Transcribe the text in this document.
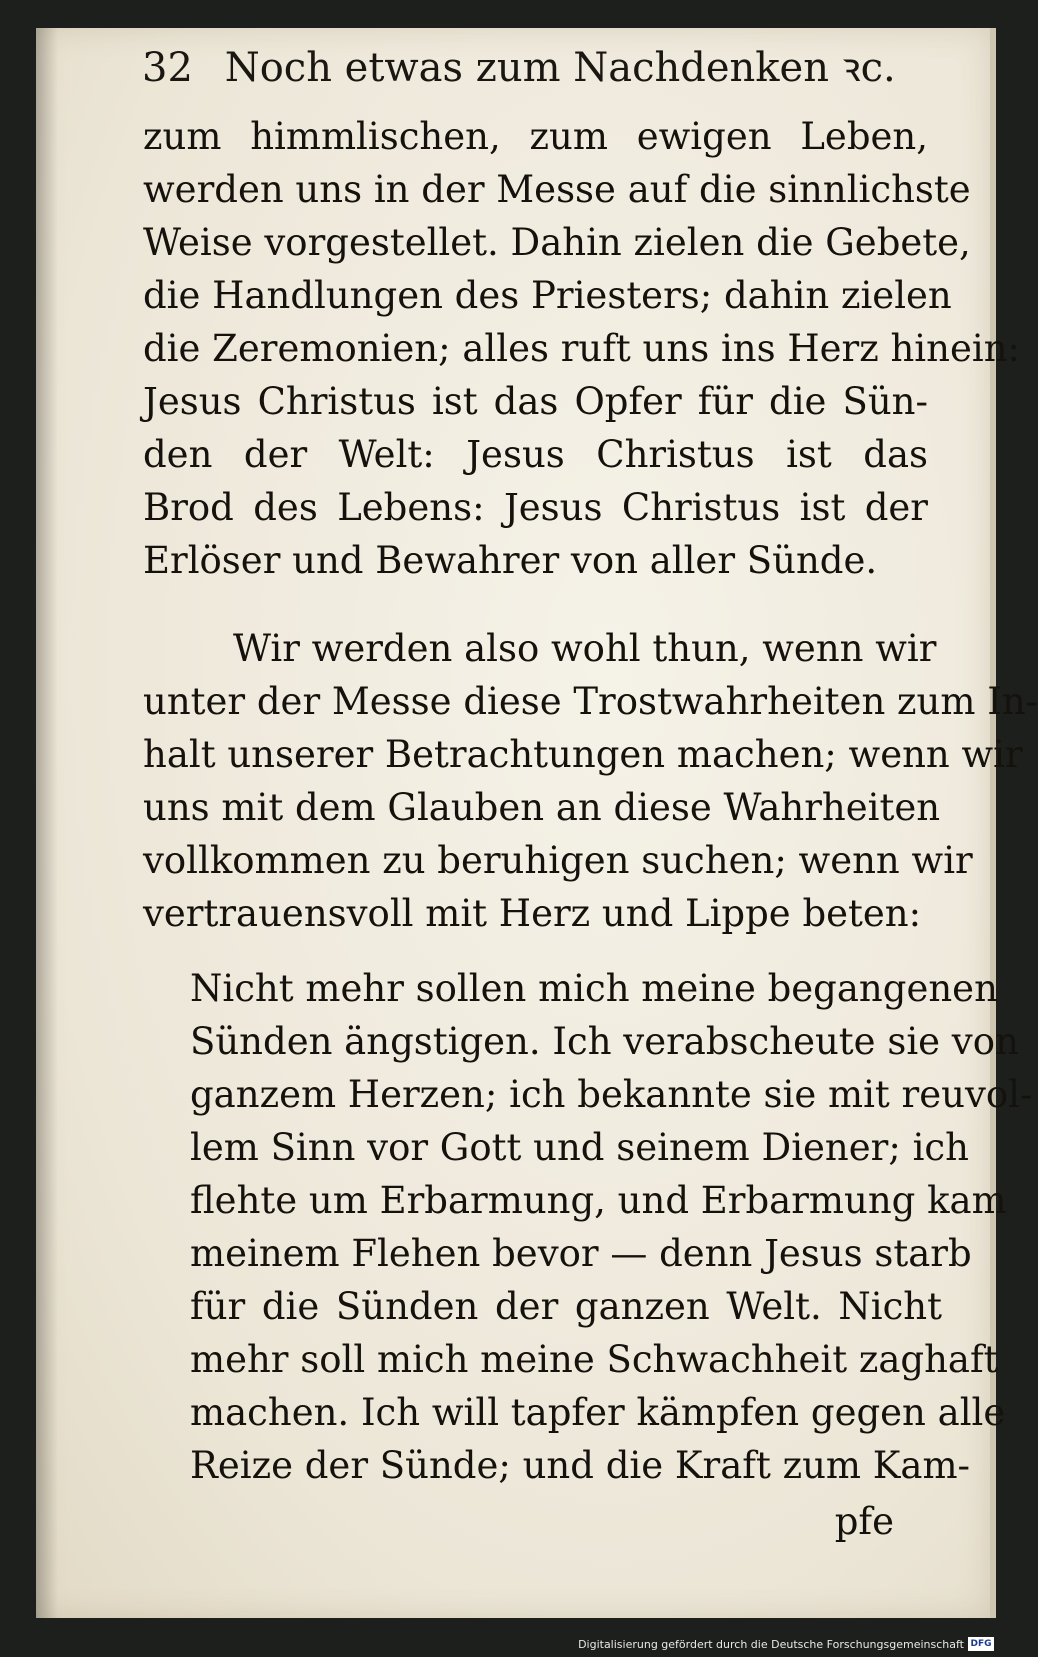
32 Noch etwas zum Nachdenken ꝛc.
zum himmlischen, zum ewigen Leben,
werden uns in der Messe auf die sinnlichste
Weise vorgestellet. Dahin zielen die Gebete,
die Handlungen des Priesters; dahin zielen
die Zeremonien; alles ruft uns ins Herz hinein:
Jesus Christus ist das Opfer für die Sün-
den der Welt: Jesus Christus ist das
Brod des Lebens: Jesus Christus ist der
Erlöser und Bewahrer von aller Sünde.
Wir werden also wohl thun, wenn wir
unter der Messe diese Trostwahrheiten zum In-
halt unserer Betrachtungen machen; wenn wir
uns mit dem Glauben an diese Wahrheiten
vollkommen zu beruhigen suchen; wenn wir
vertrauensvoll mit Herz und Lippe beten:
Nicht mehr sollen mich meine begangenen
Sünden ängstigen. Ich verabscheute sie von
ganzem Herzen; ich bekannte sie mit reuvol-
lem Sinn vor Gott und seinem Diener; ich
flehte um Erbarmung, und Erbarmung kam
meinem Flehen bevor — denn Jesus starb
für die Sünden der ganzen Welt. Nicht
mehr soll mich meine Schwachheit zaghaft
machen. Ich will tapfer kämpfen gegen alle
Reize der Sünde; und die Kraft zum Kam-
pfe
Digitalisierung gefördert durch die Deutsche Forschungsgemeinschaft DFG
